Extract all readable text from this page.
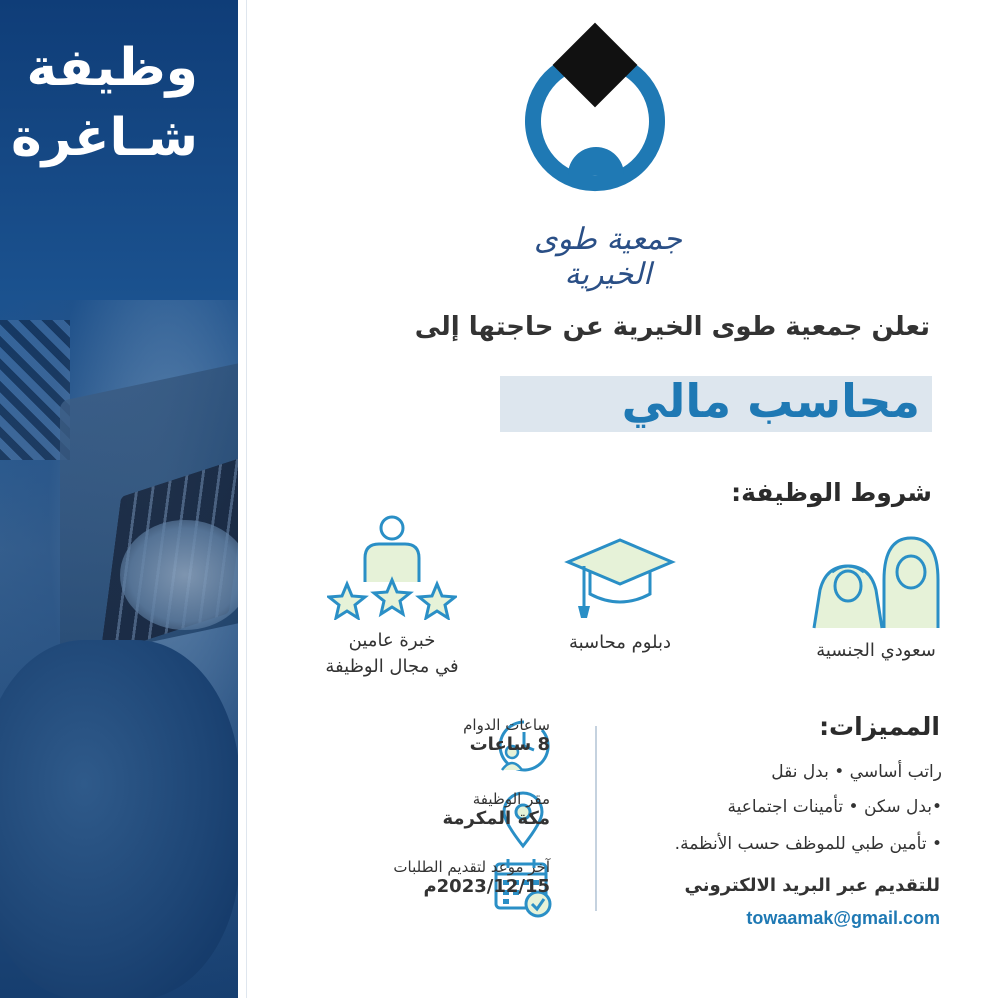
وظيفة
شـاغرة
جمعية طوى الخيرية
تعلن جمعية طوى الخيرية عن حاجتها إلى
محاسب مالي
شروط الوظيفة:
سعودي الجنسية
دبلوم محاسبة
خبرة عامين
في مجال الوظيفة
المميزات:
راتب أساسي • بدل نقل
•بدل سكن • تأمينات اجتماعية
• تأمين طبي للموظف حسب الأنظمة.
للتقديم عبر البريد الالكتروني
towaamak@gmail.com
ساعات الدوام
8 ساعات
مقر الوظيفة
مكة المكرمة
آخر موعد لتقديم الطلبات
2023/12/15م
